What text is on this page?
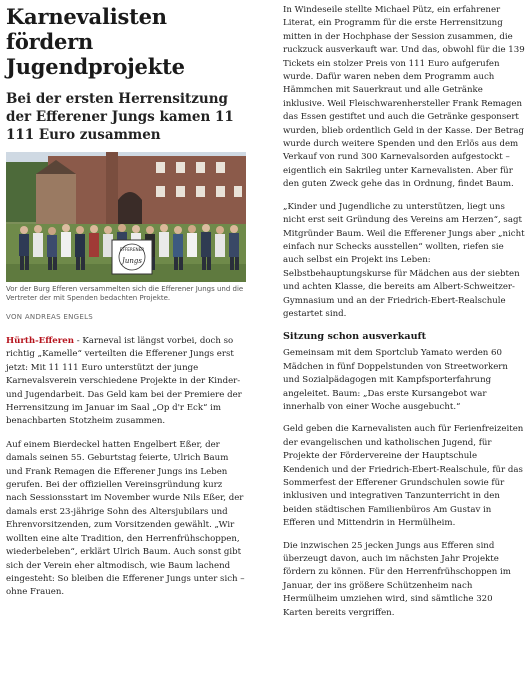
Karnevalisten fördern Jugendprojekte
Bei der ersten Herrensitzung der Efferener Jungs kamen 11 111 Euro zusammen
EFFERENER
Jungs

Vor der Burg Efferen versammelten sich die Efferener Jungs und die Vertreter der mit Spenden bedachten Projekte.

VON ANDREAS ENGELS

Hürth-Efferen - Karneval ist längst vorbei, doch so richtig „Kamelle“ verteilten die Efferener Jungs erst jetzt: Mit 11 111 Euro unterstützt der junge Karnevalsverein verschiedene Projekte in der Kinder- und Jugendarbeit. Das Geld kam bei der Premiere der Herrensitzung im Januar im Saal „Op d'r Eck“ im benachbarten Stotzheim zusammen.

Auf einem Bierdeckel hatten Engelbert Eßer, der damals seinen 55. Geburtstag feierte, Ulrich Baum und Frank Remagen die Efferener Jungs ins Leben gerufen. Bei der offiziellen Vereinsgründung kurz nach Sessionsstart im November wurde Nils Eßer, der damals erst 23-jährige Sohn des Altersjubilars und Ehrenvorsitzenden, zum Vorsitzenden gewählt. „Wir wollten eine alte Tradition, den Herrenfrühschoppen, wiederbeleben“, erklärt Ulrich Baum. Auch sonst gibt sich der Verein eher altmodisch, wie Baum lachend eingesteht: So bleiben die Efferener Jungs unter sich – ohne Frauen.

In Windeseile stellte Michael Pütz, ein erfahrener Literat, ein Programm für die erste Herrensitzung mitten in der Hochphase der Session zusammen, die ruckzuck ausverkauft war. Und das, obwohl für die 139 Tickets ein stolzer Preis von 111 Euro aufgerufen wurde. Dafür waren neben dem Programm auch Hämmchen mit Sauerkraut und alle Getränke inklusive. Weil Fleischwarenhersteller Frank Remagen das Essen gestiftet und auch die Getränke gesponsert wurden, blieb ordentlich Geld in der Kasse. Der Betrag wurde durch weitere Spenden und den Erlös aus dem Verkauf von rund 300 Karnevalsorden aufgestockt – eigentlich ein Sakrileg unter Karnevalisten. Aber für den guten Zweck gehe das in Ordnung, findet Baum.

„Kinder und Jugendliche zu unterstützen, liegt uns nicht erst seit Gründung des Vereins am Herzen“, sagt Mitgründer Baum. Weil die Efferener Jungs aber „nicht einfach nur Schecks ausstellen“ wollten, riefen sie auch selbst ein Projekt ins Leben: Selbstbehauptungskurse für Mädchen aus der siebten und achten Klasse, die bereits am Albert-Schweitzer-Gymnasium und an der Friedrich-Ebert-Realschule gestartet sind.

Sitzung schon ausverkauft

Gemeinsam mit dem Sportclub Yamato werden 60 Mädchen in fünf Doppelstunden von Streetworkern und Sozialpädagogen mit Kampfsporterfahrung angeleitet. Baum: „Das erste Kursangebot war innerhalb von einer Woche ausgebucht.“

Geld geben die Karnevalisten auch für Ferienfreizeiten der evangelischen und katholischen Jugend, für Projekte der Fördervereine der Hauptschule Kendenich und der Friedrich-Ebert-Realschule, für das Sommerfest der Efferener Grundschulen sowie für inklusiven und integrativen Tanzunterricht in den beiden städtischen Familienbüros Am Gustav in Efferen und Mittendrin in Hermülheim.

Die inzwischen 25 jecken Jungs aus Efferen sind überzeugt davon, auch im nächsten Jahr Projekte fördern zu können. Für den Herrenfrühschoppen im Januar, der ins größere Schützenheim nach Hermülheim umziehen wird, sind sämtliche 320 Karten bereits vergriffen.
